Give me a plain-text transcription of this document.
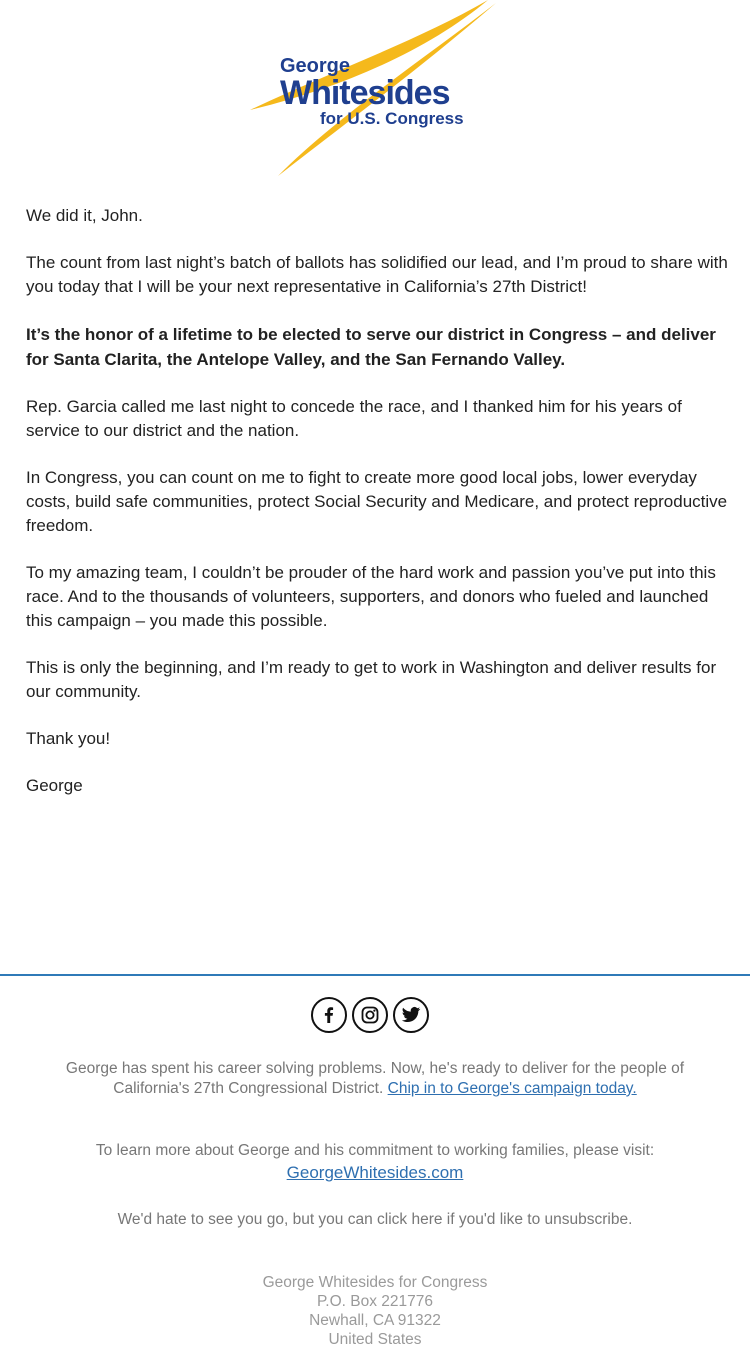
George
Whitesides
for U.S. Congress

We did it, John.

The count from last night’s batch of ballots has solidified our lead, and I’m proud to share with you today that I will be your next representative in California’s 27th District!

It’s the honor of a lifetime to be elected to serve our district in Congress – and deliver for Santa Clarita, the Antelope Valley, and the San Fernando Valley.

Rep. Garcia called me last night to concede the race, and I thanked him for his years of service to our district and the nation.

In Congress, you can count on me to fight to create more good local jobs, lower everyday costs, build safe communities, protect Social Security and Medicare, and protect reproductive freedom.

To my amazing team, I couldn’t be prouder of the hard work and passion you’ve put into this race. And to the thousands of volunteers, supporters, and donors who fueled and launched this campaign – you made this possible.

This is only the beginning, and I’m ready to get to work in Washington and deliver results for our community.

Thank you!

George

George has spent his career solving problems. Now, he's ready to deliver for the people of California's 27th Congressional District. Chip in to George's campaign today.
To learn more about George and his commitment to working families, please visit:
GeorgeWhitesides.com
We'd hate to see you go, but you can click here if you'd like to unsubscribe.
George Whitesides for Congress
P.O. Box 221776
Newhall, CA 91322
United States
